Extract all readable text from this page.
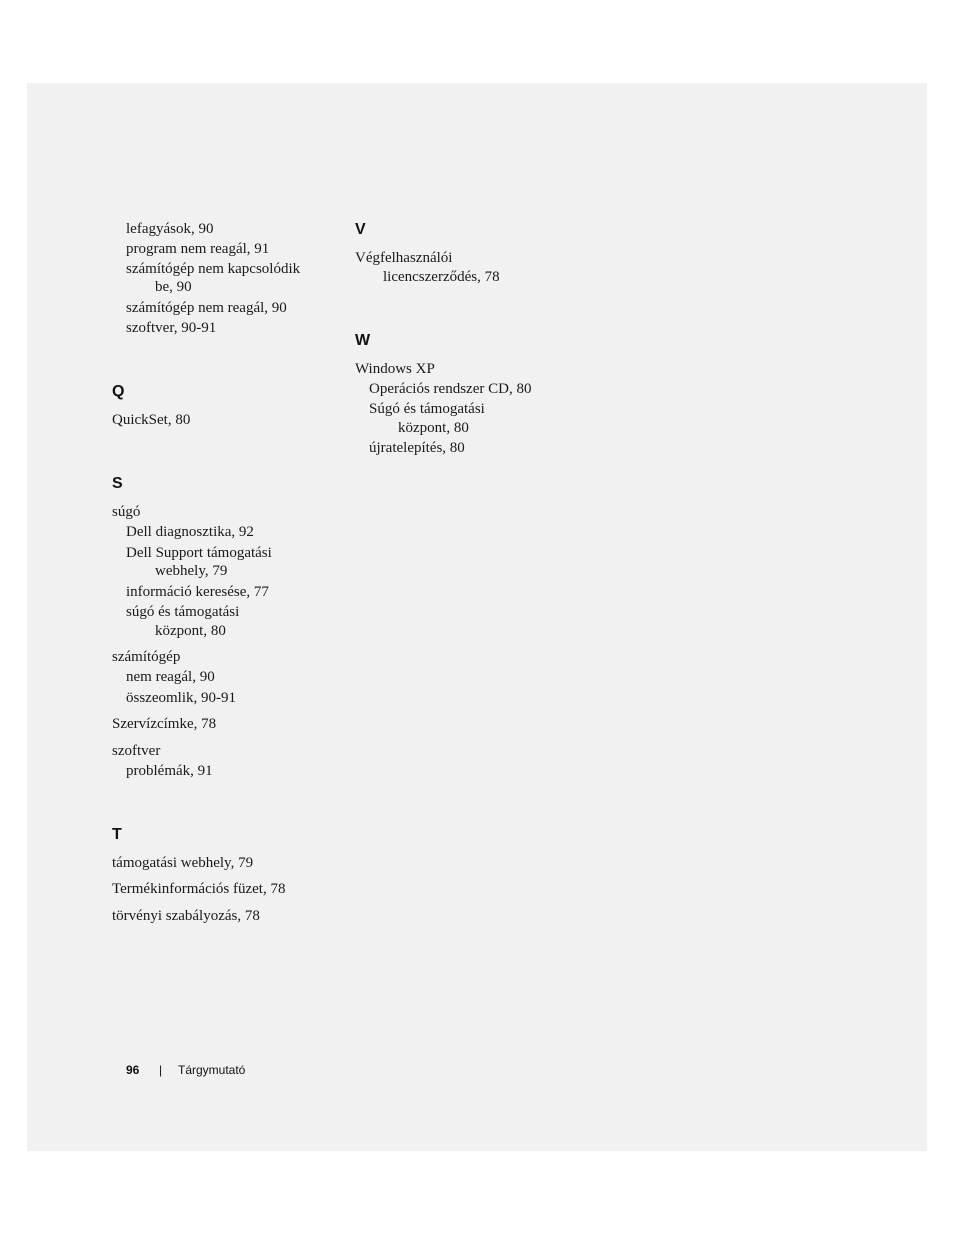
lefagyások, 90
program nem reagál, 91
számítógép nem kapcsolódik
be, 90
számítógép nem reagál, 90
szoftver, 90-91
Q
QuickSet, 80
S
súgó
Dell diagnosztika, 92
Dell Support támogatási
webhely, 79
információ keresése, 77
súgó és támogatási
központ, 80
számítógép
nem reagál, 90
összeomlik, 90-91
Szervízcímke, 78
szoftver
problémák, 91
T
támogatási webhely, 79
Termékinformációs füzet, 78
törvényi szabályozás, 78
V
Végfelhasználói
licencszerződés, 78
W
Windows XP
Operációs rendszer CD, 80
Súgó és támogatási
központ, 80
újratelepítés, 80
96 | Tárgymutató
